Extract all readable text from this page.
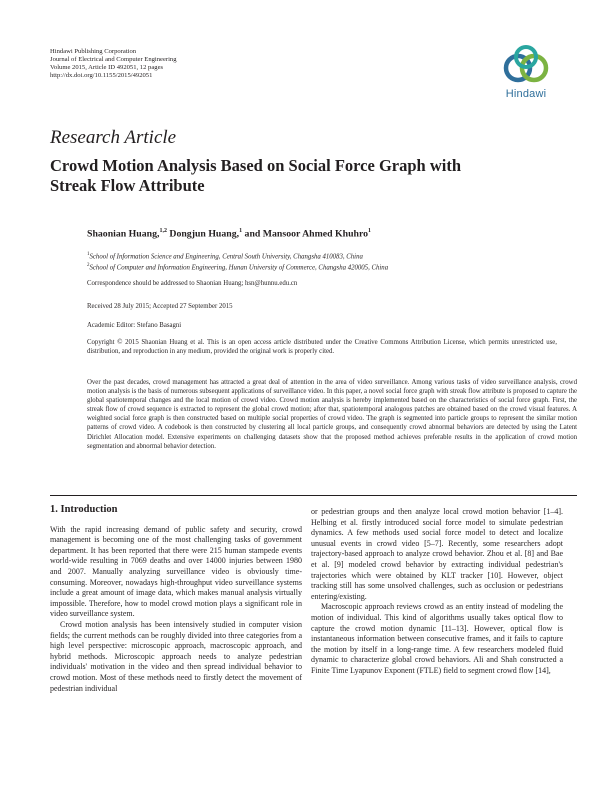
Hindawi Publishing Corporation
Journal of Electrical and Computer Engineering
Volume 2015, Article ID 492051, 12 pages
http://dx.doi.org/10.1155/2015/492051
Hindawi
Research Article
Crowd Motion Analysis Based on Social Force Graph with Streak Flow Attribute
Shaonian Huang,$^{1,2}$ Dongjun Huang,$^1$ and Mansoor Ahmed Khuhro$^1$
$^1$School of Information Science and Engineering, Central South University, Changsha 410083, China
$^2$School of Computer and Information Engineering, Hunan University of Commerce, Changsha 420005, China
Correspondence should be addressed to Shaonian Huang; hsn@hunnu.edu.cn
Received 28 July 2015; Accepted 27 September 2015
Academic Editor: Stefano Basagni
Copyright © 2015 Shaonian Huang et al. This is an open access article distributed under the Creative Commons Attribution License, which permits unrestricted use, distribution, and reproduction in any medium, provided the original work is properly cited.

Over the past decades, crowd management has attracted a great deal of attention in the area of video surveillance. Among various tasks of video surveillance analysis, crowd motion analysis is the basis of numerous subsequent applications of surveillance video. In this paper, a novel social force graph with streak flow attribute is proposed to capture the global spatiotemporal changes and the local motion of crowd video. Crowd motion analysis is hereby implemented based on the characteristics of social force graph. First, the streak flow of crowd sequence is extracted to represent the global crowd motion; after that, spatiotemporal analogous patches are obtained based on the crowd visual features. A weighted social force graph is then constructed based on multiple social properties of crowd video. The graph is segmented into particle groups to represent the similar motion patterns of crowd video. A codebook is then constructed by clustering all local particle groups, and consequently crowd abnormal behaviors are detected by using the Latent Dirichlet Allocation model. Extensive experiments on challenging datasets show that the proposed method achieves preferable results in the application of crowd motion segmentation and abnormal behavior detection.

1. Introduction

With the rapid increasing demand of public safety and security, crowd management is becoming one of the most challenging tasks of government department. It has been reported that there were 215 human stampede events world-wide resulting in 7069 deaths and over 14000 injuries between 1980 and 2007. Manually analyzing surveillance video is obviously time-consuming. Moreover, nowadays high-throughput video surveillance systems include a great amount of image data, which makes manual analysis virtually impossible. Therefore, how to model crowd motion plays a significant role in video surveillance system.

Crowd motion analysis has been intensively studied in computer vision fields; the current methods can be roughly divided into three categories from a high level perspective: microscopic approach, macroscopic approach, and hybrid methods. Microscopic approach needs to analyze pedestrian individuals' motivation in the video and then spread individual behavior to crowd motion. Most of these methods need to firstly detect the movement of pedestrian individual

or pedestrian groups and then analyze local crowd motion behavior [1–4]. Helbing et al. firstly introduced social force model to simulate pedestrian dynamics. A few methods used social force model to detect and localize unusual events in crowd video [5–7]. Recently, some researchers adopt trajectory-based approach to analyze crowd behavior. Zhou et al. [8] and Bae et al. [9] modeled crowd behavior by extracting individual pedestrian's trajectories which were obtained by KLT tracker [10]. However, object tracking still has some unsolved challenges, such as occlusion or pedestrians entering/existing.

Macroscopic approach reviews crowd as an entity instead of modeling the motion of individual. This kind of algorithms usually takes optical flow to capture the crowd motion dynamic [11–13]. However, optical flow is instantaneous information between consecutive frames, and it fails to capture the motion by itself in a long-range time. A few researchers modeled fluid dynamic to characterize global crowd behaviors. Ali and Shah constructed a Finite Time Lyapunov Exponent (FTLE) field to segment crowd flow [14],
